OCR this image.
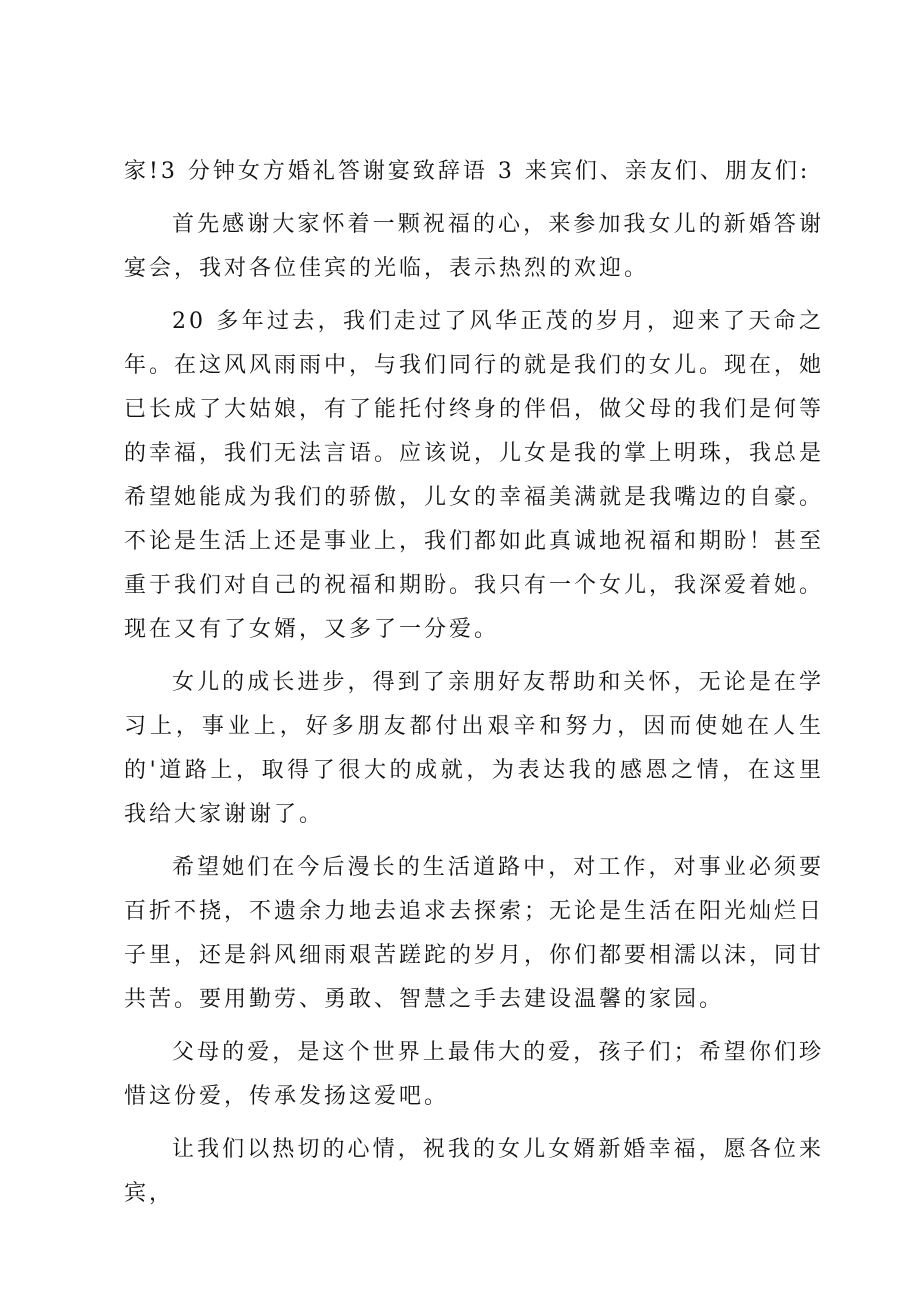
家!3 分钟女方婚礼答谢宴致辞语 3 来宾们、亲友们、朋友们:

首先感谢大家怀着一颗祝福的心，来参加我女儿的新婚答谢宴会，我对各位佳宾的光临，表示热烈的欢迎。

20 多年过去，我们走过了风华正茂的岁月，迎来了天命之年。在这风风雨雨中，与我们同行的就是我们的女儿。现在，她已长成了大姑娘，有了能托付终身的伴侣，做父母的我们是何等的幸福，我们无法言语。应该说，儿女是我的掌上明珠，我总是希望她能成为我们的骄傲，儿女的幸福美满就是我嘴边的自豪。不论是生活上还是事业上，我们都如此真诚地祝福和期盼！甚至重于我们对自己的祝福和期盼。我只有一个女儿，我深爱着她。现在又有了女婿，又多了一分爱。

女儿的成长进步，得到了亲朋好友帮助和关怀，无论是在学习上，事业上，好多朋友都付出艰辛和努力，因而使她在人生的'道路上，取得了很大的成就，为表达我的感恩之情，在这里我给大家谢谢了。

希望她们在今后漫长的生活道路中，对工作，对事业必须要百折不挠，不遗余力地去追求去探索；无论是生活在阳光灿烂日子里，还是斜风细雨艰苦蹉跎的岁月，你们都要相濡以沫，同甘共苦。要用勤劳、勇敢、智慧之手去建设温馨的家园。

父母的爱，是这个世界上最伟大的爱，孩子们；希望你们珍惜这份爱，传承发扬这爱吧。

让我们以热切的心情，祝我的女儿女婿新婚幸福，愿各位来宾，
